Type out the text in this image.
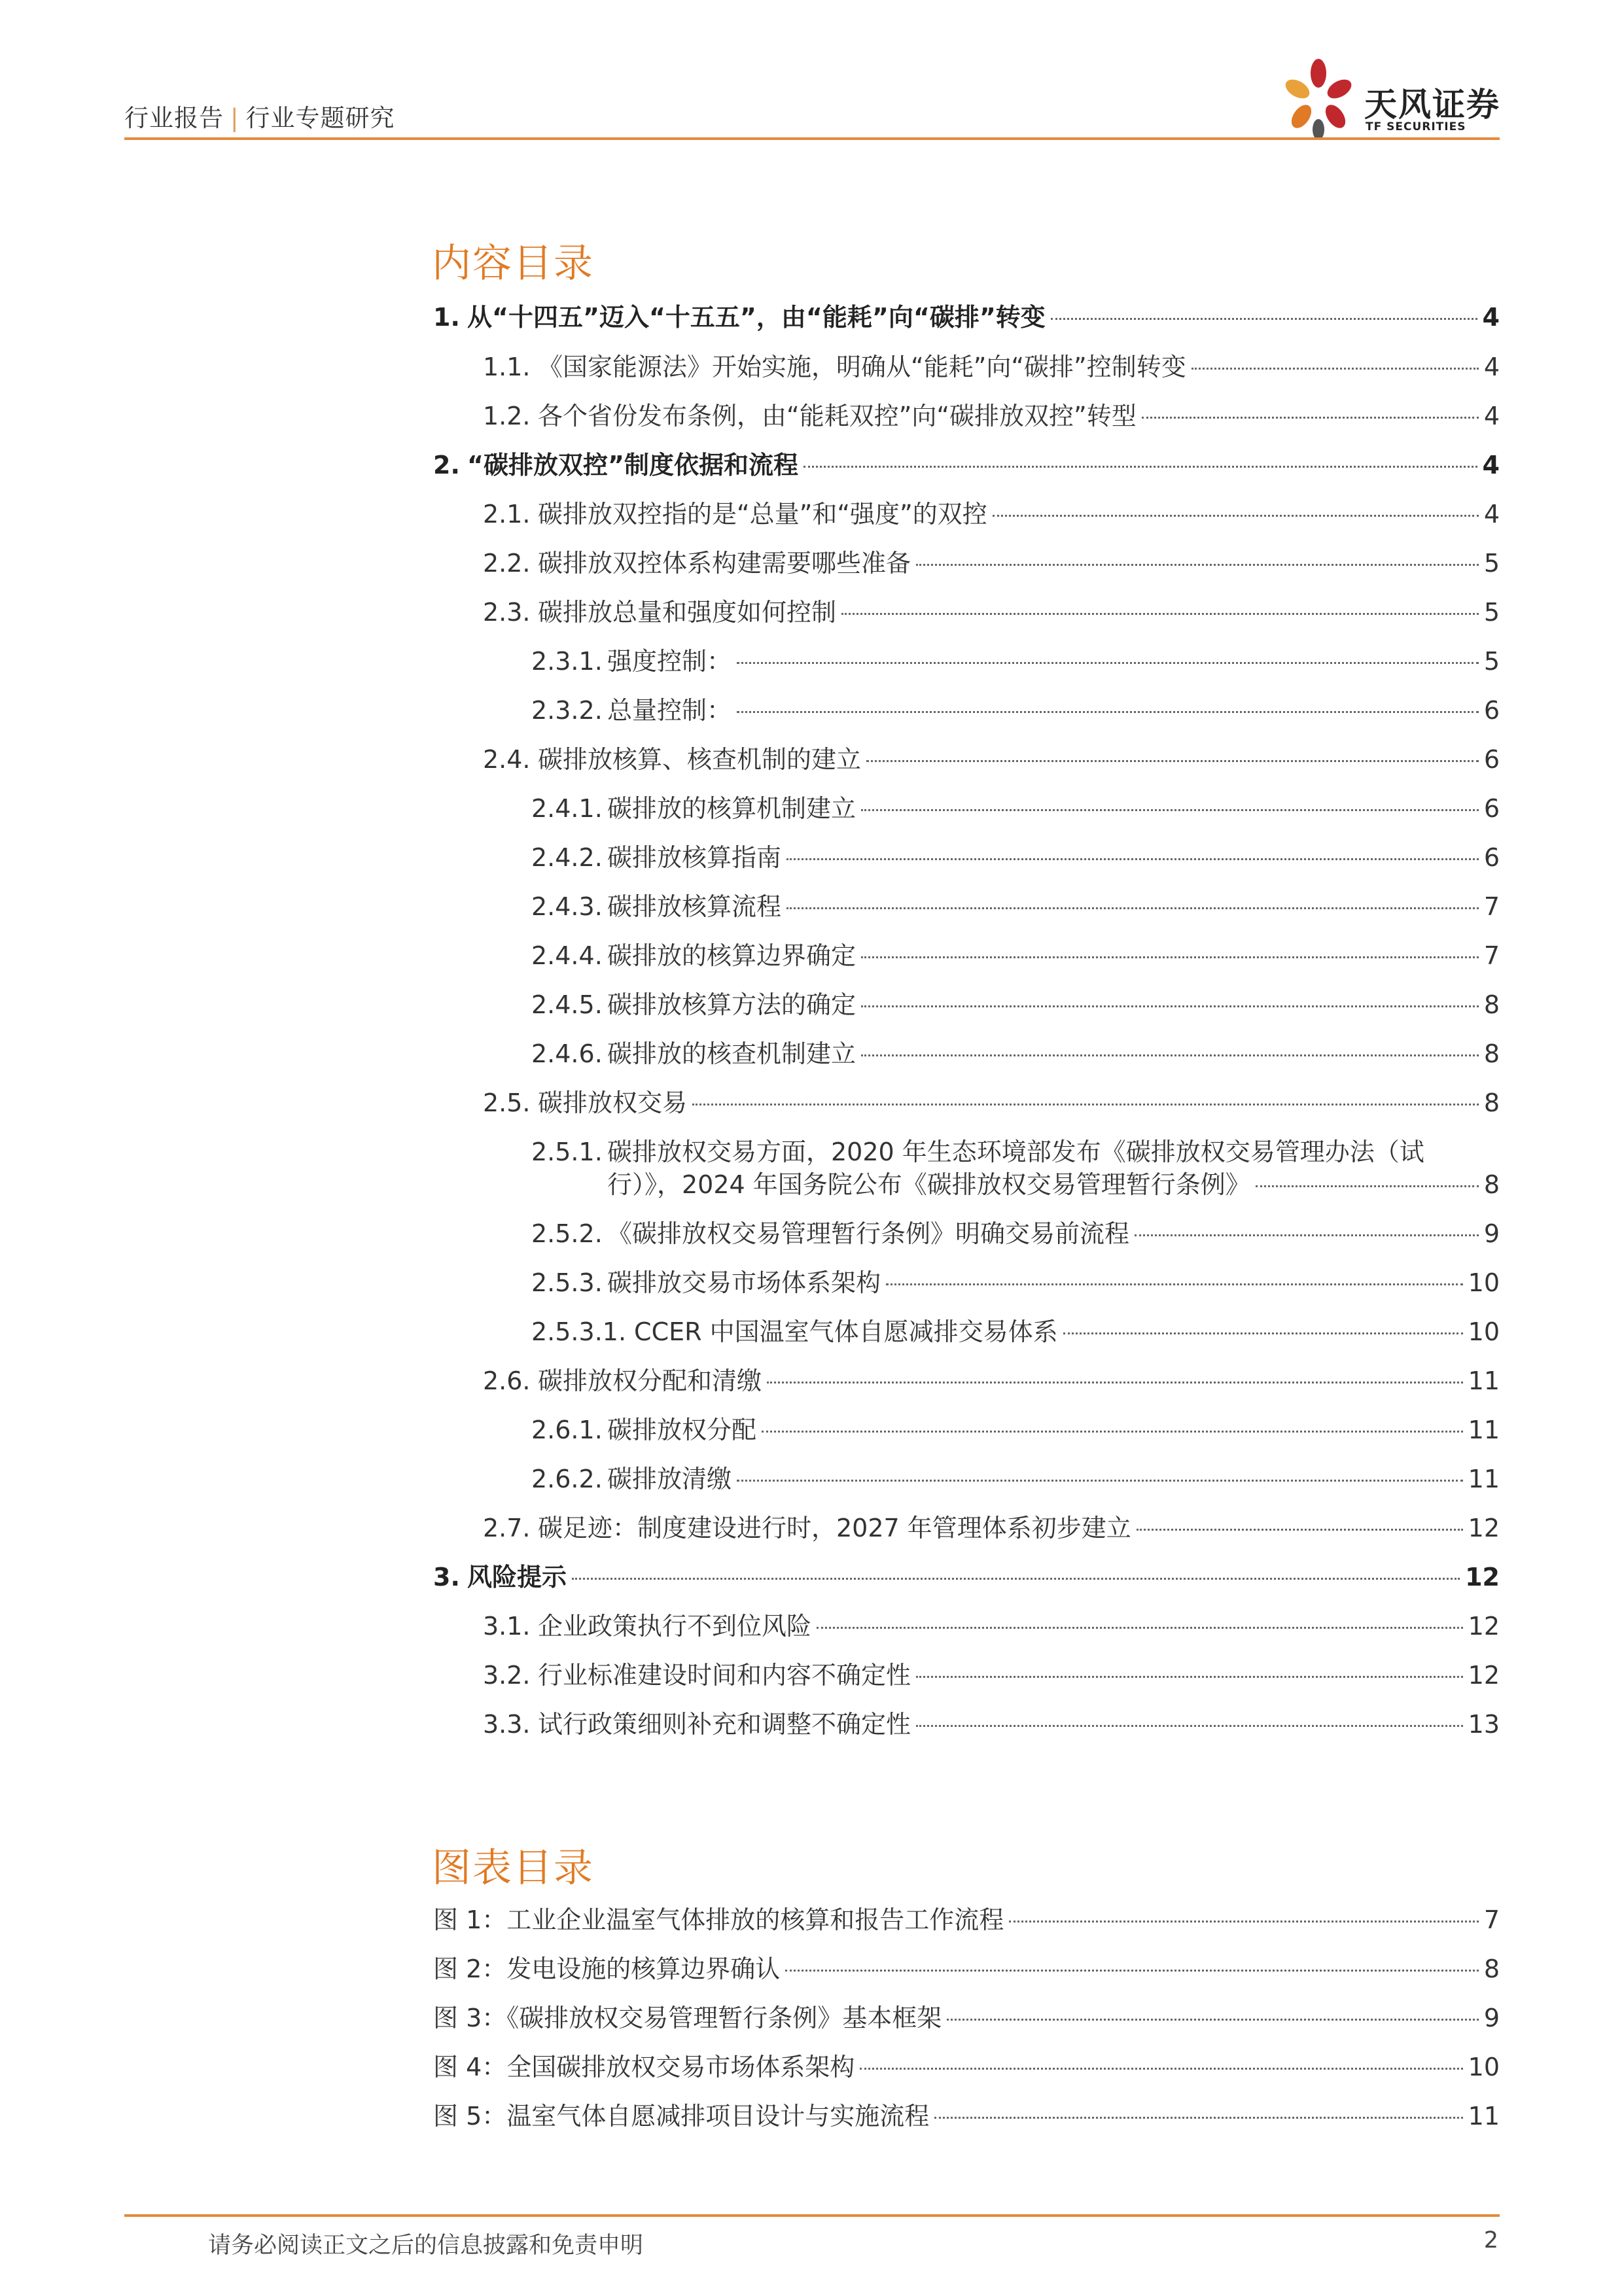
行业报告 | 行业专题研究	天风证券
TF SECURITIES
内容目录
1. 从“十四五”迈入“十五五”，由“能耗”向“碳排”转变	4
1.1. 《国家能源法》开始实施，明确从“能耗”向“碳排”控制转变	4
1.2. 各个省份发布条例，由“能耗双控”向“碳排放双控”转型	4
2. “碳排放双控”制度依据和流程	4
2.1. 碳排放双控指的是“总量”和“强度”的双控	4
2.2. 碳排放双控体系构建需要哪些准备	5
2.3. 碳排放总量和强度如何控制	5
2.3.1. 强度控制：	5
2.3.2. 总量控制：	6
2.4. 碳排放核算、核查机制的建立	6
2.4.1. 碳排放的核算机制建立	6
2.4.2. 碳排放核算指南	6
2.4.3. 碳排放核算流程	7
2.4.4. 碳排放的核算边界确定	7
2.4.5. 碳排放核算方法的确定	8
2.4.6. 碳排放的核查机制建立	8
2.5. 碳排放权交易	8
2.5.1. 碳排放权交易方面，2020 年生态环境部发布《碳排放权交易管理办法（试
行）》，2024 年国务院公布《碳排放权交易管理暂行条例》	8
2.5.2. 《碳排放权交易管理暂行条例》明确交易前流程	9
2.5.3. 碳排放交易市场体系架构	10
2.5.3.1. CCER 中国温室气体自愿减排交易体系	10
2.6. 碳排放权分配和清缴	11
2.6.1. 碳排放权分配	11
2.6.2. 碳排放清缴	11
2.7. 碳足迹：制度建设进行时，2027 年管理体系初步建立	12
3. 风险提示	12
3.1. 企业政策执行不到位风险	12
3.2. 行业标准建设时间和内容不确定性	12
3.3. 试行政策细则补充和调整不确定性	13
图表目录
图 1：工业企业温室气体排放的核算和报告工作流程	7
图 2：发电设施的核算边界确认	8
图 3：《碳排放权交易管理暂行条例》基本框架	9
图 4：全国碳排放权交易市场体系架构	10
图 5：温室气体自愿减排项目设计与实施流程	11
请务必阅读正文之后的信息披露和免责申明	2
